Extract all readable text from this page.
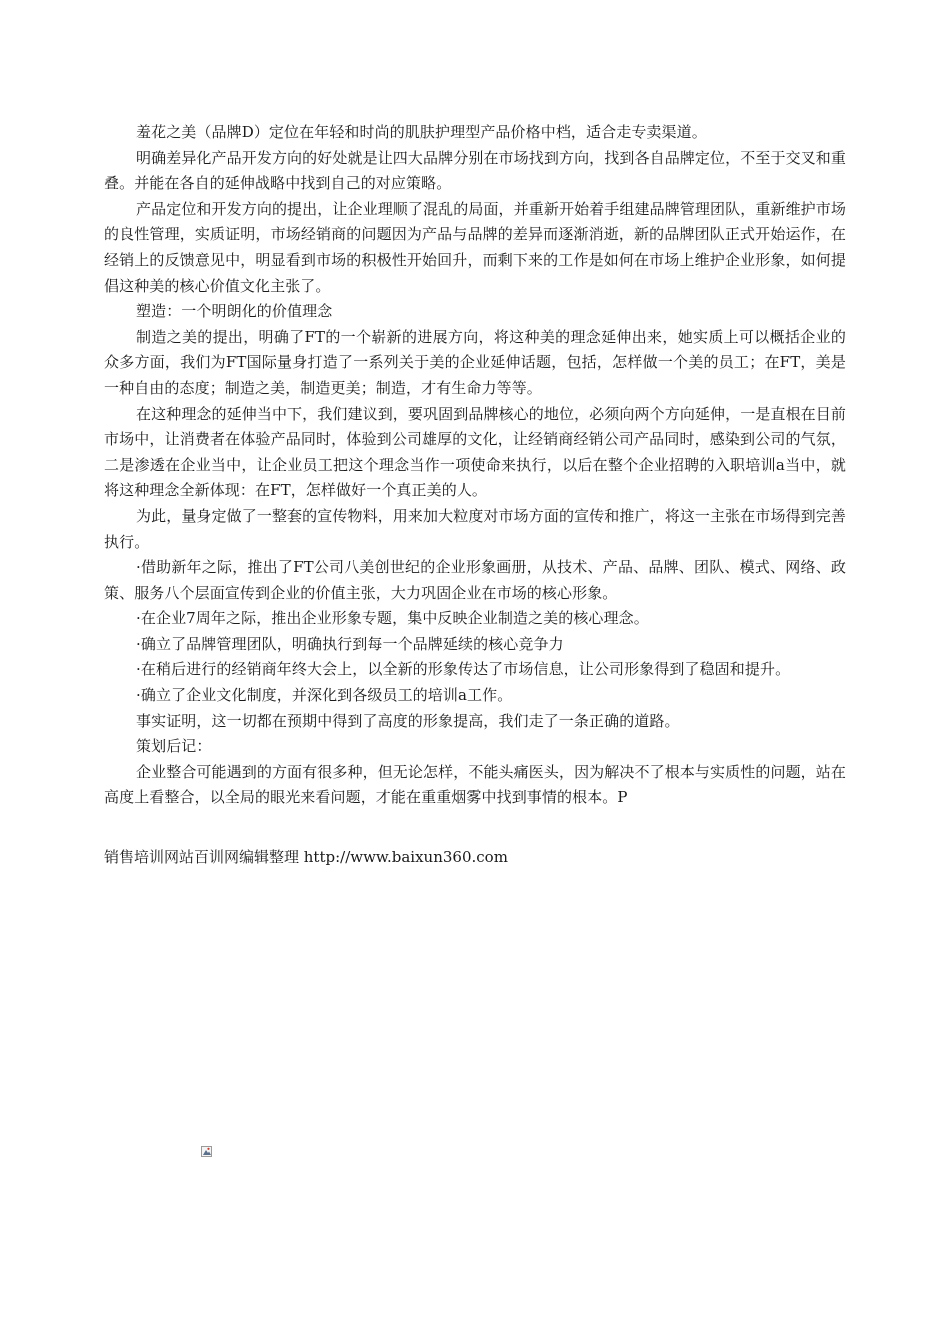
羞花之美（品牌D）定位在年轻和时尚的肌肤护理型产品价格中档，适合走专卖渠道。

明确差异化产品开发方向的好处就是让四大品牌分别在市场找到方向，找到各自品牌定位，不至于交叉和重叠。并能在各自的延伸战略中找到自己的对应策略。

产品定位和开发方向的提出，让企业理顺了混乱的局面，并重新开始着手组建品牌管理团队，重新维护市场的良性管理，实质证明，市场经销商的问题因为产品与品牌的差异而逐渐消逝，新的品牌团队正式开始运作，在经销上的反馈意见中，明显看到市场的积极性开始回升，而剩下来的工作是如何在市场上维护企业形象，如何提倡这种美的核心价值文化主张了。

塑造：一个明朗化的价值理念

制造之美的提出，明确了FT的一个崭新的进展方向，将这种美的理念延伸出来，她实质上可以概括企业的众多方面，我们为FT国际量身打造了一系列关于美的企业延伸话题，包括，怎样做一个美的员工；在FT，美是一种自由的态度；制造之美，制造更美；制造，才有生命力等等。

在这种理念的延伸当中下，我们建议到，要巩固到品牌核心的地位，必须向两个方向延伸，一是直根在目前市场中，让消费者在体验产品同时，体验到公司雄厚的文化，让经销商经销公司产品同时，感染到公司的气氛，二是渗透在企业当中，让企业员工把这个理念当作一项使命来执行，以后在整个企业招聘的入职培训a当中，就将这种理念全新体现：在FT，怎样做好一个真正美的人。

为此，量身定做了一整套的宣传物料，用来加大粒度对市场方面的宣传和推广，将这一主张在市场得到完善执行。

·借助新年之际，推出了FT公司八美创世纪的企业形象画册，从技术、产品、品牌、团队、模式、网络、政策、服务八个层面宣传到企业的价值主张，大力巩固企业在市场的核心形象。

·在企业7周年之际，推出企业形象专题，集中反映企业制造之美的核心理念。

·确立了品牌管理团队，明确执行到每一个品牌延续的核心竞争力

·在稍后进行的经销商年终大会上，以全新的形象传达了市场信息，让公司形象得到了稳固和提升。

·确立了企业文化制度，并深化到各级员工的培训a工作。

事实证明，这一切都在预期中得到了高度的形象提高，我们走了一条正确的道路。

策划后记：

企业整合可能遇到的方面有很多种，但无论怎样，不能头痛医头，因为解决不了根本与实质性的问题，站在高度上看整合，以全局的眼光来看问题，才能在重重烟雾中找到事情的根本。P

销售培训网站百训网编辑整理 http://www.baixun360.com
